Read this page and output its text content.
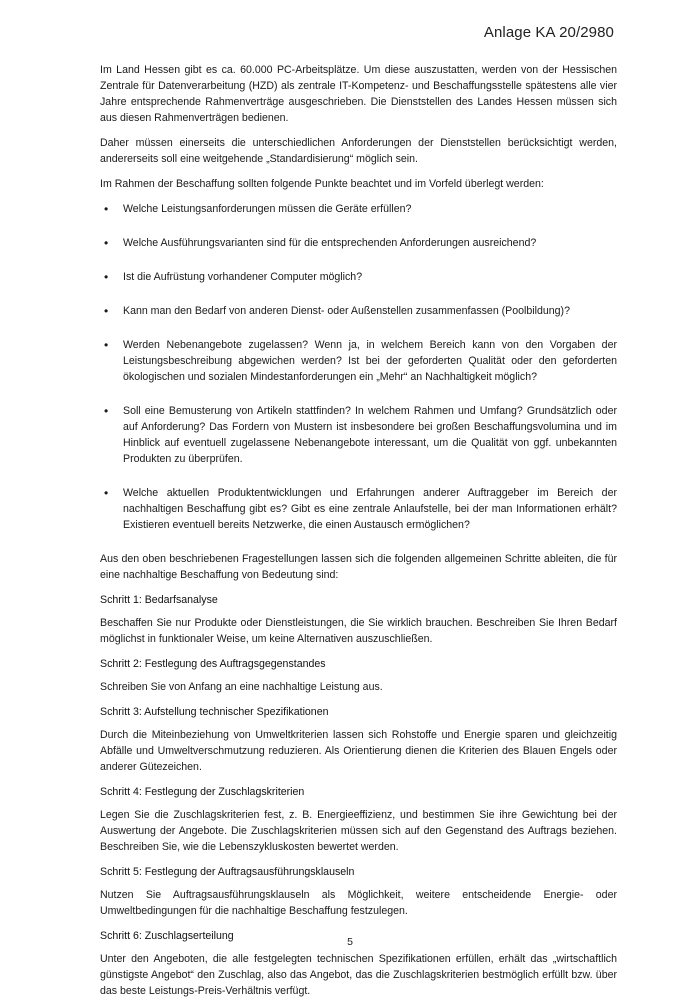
Anlage KA 20/2980

Im Land Hessen gibt es ca. 60.000 PC-Arbeitsplätze. Um diese auszustatten, werden von der Hessischen Zentrale für Datenverarbeitung (HZD) als zentrale IT-Kompetenz- und Beschaffungsstelle spätestens alle vier Jahre entsprechende Rahmenverträge ausgeschrieben. Die Dienststellen des Landes Hessen müssen sich aus diesen Rahmenverträgen bedienen.

Daher müssen einerseits die unterschiedlichen Anforderungen der Dienststellen berücksichtigt werden, andererseits soll eine weitgehende „Standardisierung“ möglich sein.

Im Rahmen der Beschaffung sollten folgende Punkte beachtet und im Vorfeld überlegt werden:

• Welche Leistungsanforderungen müssen die Geräte erfüllen?
• Welche Ausführungsvarianten sind für die entsprechenden Anforderungen ausreichend?
• Ist die Aufrüstung vorhandener Computer möglich?
• Kann man den Bedarf von anderen Dienst- oder Außenstellen zusammenfassen (Poolbildung)?
• Werden Nebenangebote zugelassen? Wenn ja, in welchem Bereich kann von den Vorgaben der Leistungsbeschreibung abgewichen werden? Ist bei der geforderten Qualität oder den geforderten ökologischen und sozialen Mindestanforderungen ein „Mehr“ an Nachhaltigkeit möglich?
• Soll eine Bemusterung von Artikeln stattfinden? In welchem Rahmen und Umfang? Grundsätzlich oder auf Anforderung? Das Fordern von Mustern ist insbesondere bei großen Beschaffungsvolumina und im Hinblick auf eventuell zugelassene Nebenangebote interessant, um die Qualität von ggf. unbekannten Produkten zu überprüfen.
• Welche aktuellen Produktentwicklungen und Erfahrungen anderer Auftraggeber im Bereich der nachhaltigen Beschaffung gibt es? Gibt es eine zentrale Anlaufstelle, bei der man Informationen erhält? Existieren eventuell bereits Netzwerke, die einen Austausch ermöglichen?

Aus den oben beschriebenen Fragestellungen lassen sich die folgenden allgemeinen Schritte ableiten, die für eine nachhaltige Beschaffung von Bedeutung sind:

Schritt 1: Bedarfsanalyse

Beschaffen Sie nur Produkte oder Dienstleistungen, die Sie wirklich brauchen. Beschreiben Sie Ihren Bedarf möglichst in funktionaler Weise, um keine Alternativen auszuschließen.

Schritt 2: Festlegung des Auftragsgegenstandes

Schreiben Sie von Anfang an eine nachhaltige Leistung aus.

Schritt 3: Aufstellung technischer Spezifikationen

Durch die Miteinbeziehung von Umweltkriterien lassen sich Rohstoffe und Energie sparen und gleichzeitig Abfälle und Umweltverschmutzung reduzieren. Als Orientierung dienen die Kriterien des Blauen Engels oder anderer Gütezeichen.

Schritt 4: Festlegung der Zuschlagskriterien

Legen Sie die Zuschlagskriterien fest, z. B. Energieeffizienz, und bestimmen Sie ihre Gewichtung bei der Auswertung der Angebote. Die Zuschlagskriterien müssen sich auf den Gegenstand des Auftrags beziehen. Beschreiben Sie, wie die Lebenszykluskosten bewertet werden.

Schritt 5: Festlegung der Auftragsausführungsklauseln

Nutzen Sie Auftragsausführungsklauseln als Möglichkeit, weitere entscheidende Energie- oder Umweltbedingungen für die nachhaltige Beschaffung festzulegen.

Schritt 6: Zuschlagserteilung

Unter den Angeboten, die alle festgelegten technischen Spezifikationen erfüllen, erhält das „wirtschaftlich günstigste Angebot“ den Zuschlag, also das Angebot, das die Zuschlagskriterien bestmöglich erfüllt bzw. über das beste Leistungs-Preis-Verhältnis verfügt.

5
